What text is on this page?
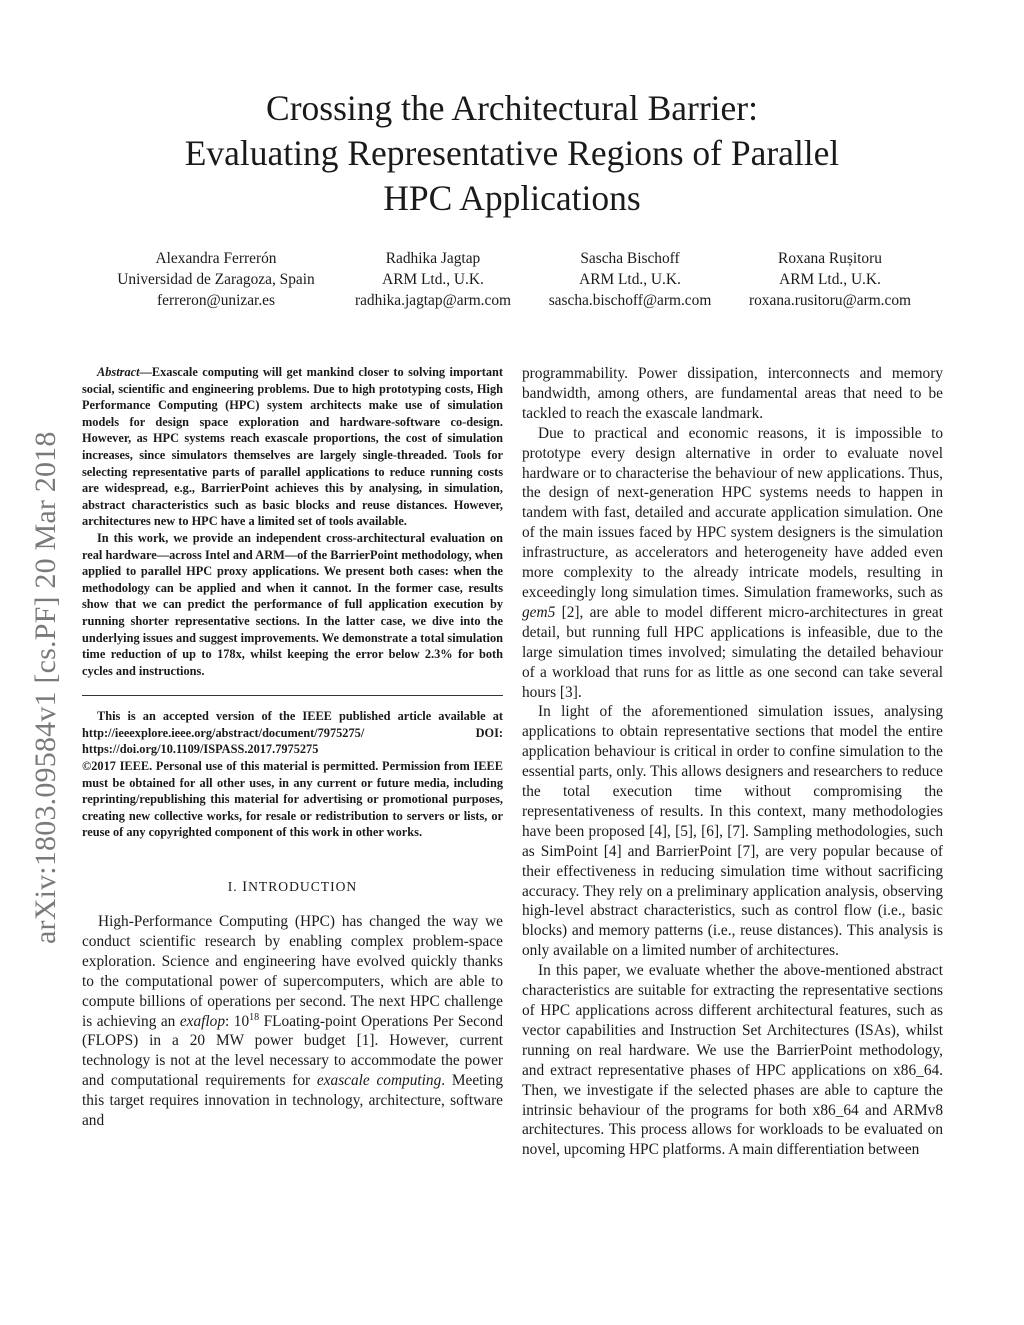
Crossing the Architectural Barrier:
Evaluating Representative Regions of Parallel
HPC Applications
Alexandra Ferrerón
Universidad de Zaragoza, Spain
ferreron@unizar.es
Radhika Jagtap
ARM Ltd., U.K.
radhika.jagtap@arm.com
Sascha Bischoff
ARM Ltd., U.K.
sascha.bischoff@arm.com
Roxana Rușitoru
ARM Ltd., U.K.
roxana.rusitoru@arm.com
arXiv:1803.09584v1 [cs.PF] 20 Mar 2018

Abstract—Exascale computing will get mankind closer to solving important social, scientific and engineering problems. Due to high prototyping costs, High Performance Computing (HPC) system architects make use of simulation models for design space exploration and hardware-software co-design. However, as HPC systems reach exascale proportions, the cost of simulation increases, since simulators themselves are largely single-threaded. Tools for selecting representative parts of parallel applications to reduce running costs are widespread, e.g., BarrierPoint achieves this by analysing, in simulation, abstract characteristics such as basic blocks and reuse distances. However, architectures new to HPC have a limited set of tools available.

In this work, we provide an independent cross-architectural evaluation on real hardware—across Intel and ARM—of the BarrierPoint methodology, when applied to parallel HPC proxy applications. We present both cases: when the methodology can be applied and when it cannot. In the former case, results show that we can predict the performance of full application execution by running shorter representative sections. In the latter case, we dive into the underlying issues and suggest improvements. We demonstrate a total simulation time reduction of up to 178x, whilst keeping the error below 2.3% for both cycles and instructions.

This is an accepted version of the IEEE published article available at http://ieeexplore.ieee.org/abstract/document/7975275/ DOI: https://doi.org/10.1109/ISPASS.2017.7975275

©2017 IEEE. Personal use of this material is permitted. Permission from IEEE must be obtained for all other uses, in any current or future media, including reprinting/republishing this material for advertising or promotional purposes, creating new collective works, for resale or redistribution to servers or lists, or reuse of any copyrighted component of this work in other works.

I. INTRODUCTION

High-Performance Computing (HPC) has changed the way we conduct scientific research by enabling complex problem-space exploration. Science and engineering have evolved quickly thanks to the computational power of supercomputers, which are able to compute billions of operations per second. The next HPC challenge is achieving an exaflop: $10^{18}$ FLoating-point Operations Per Second (FLOPS) in a 20 MW power budget [1]. However, current technology is not at the level necessary to accommodate the power and computational requirements for exascale computing. Meeting this target requires innovation in technology, architecture, software and

programmability. Power dissipation, interconnects and memory bandwidth, among others, are fundamental areas that need to be tackled to reach the exascale landmark.

Due to practical and economic reasons, it is impossible to prototype every design alternative in order to evaluate novel hardware or to characterise the behaviour of new applications. Thus, the design of next-generation HPC systems needs to happen in tandem with fast, detailed and accurate application simulation. One of the main issues faced by HPC system designers is the simulation infrastructure, as accelerators and heterogeneity have added even more complexity to the already intricate models, resulting in exceedingly long simulation times. Simulation frameworks, such as gem5 [2], are able to model different micro-architectures in great detail, but running full HPC applications is infeasible, due to the large simulation times involved; simulating the detailed behaviour of a workload that runs for as little as one second can take several hours [3].

In light of the aforementioned simulation issues, analysing applications to obtain representative sections that model the entire application behaviour is critical in order to confine simulation to the essential parts, only. This allows designers and researchers to reduce the total execution time without compromising the representativeness of results. In this context, many methodologies have been proposed [4], [5], [6], [7]. Sampling methodologies, such as SimPoint [4] and BarrierPoint [7], are very popular because of their effectiveness in reducing simulation time without sacrificing accuracy. They rely on a preliminary application analysis, observing high-level abstract characteristics, such as control flow (i.e., basic blocks) and memory patterns (i.e., reuse distances). This analysis is only available on a limited number of architectures.

In this paper, we evaluate whether the above-mentioned abstract characteristics are suitable for extracting the representative sections of HPC applications across different architectural features, such as vector capabilities and Instruction Set Architectures (ISAs), whilst running on real hardware. We use the BarrierPoint methodology, and extract representative phases of HPC applications on x86_64. Then, we investigate if the selected phases are able to capture the intrinsic behaviour of the programs for both x86_64 and ARMv8 architectures. This process allows for workloads to be evaluated on novel, upcoming HPC platforms. A main differentiation between
